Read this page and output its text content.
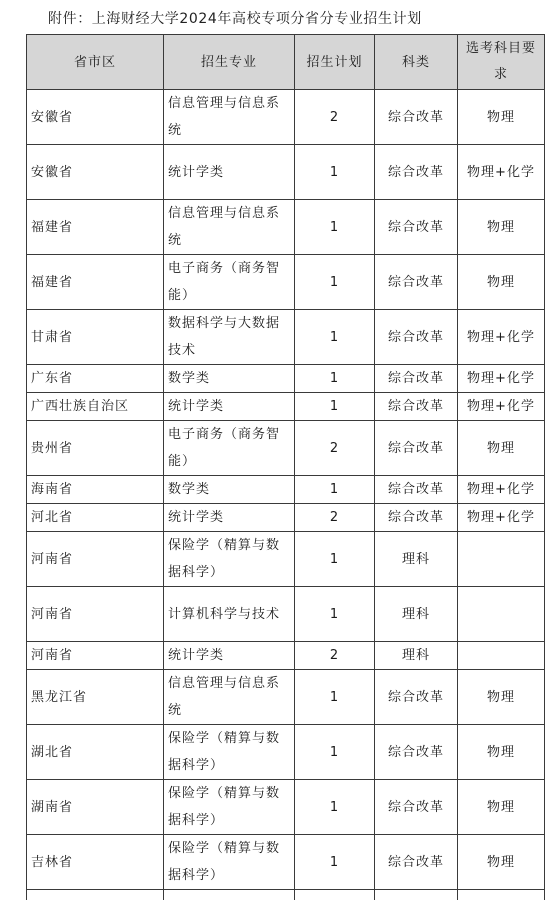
附件：上海财经大学2024年高校专项分省分专业招生计划
省市区	招生专业	招生计划	科类	选考科目要求
安徽省	信息管理与信息系统	2	综合改革	物理
安徽省	统计学类	1	综合改革	物理+化学
福建省	信息管理与信息系统	1	综合改革	物理
福建省	电子商务（商务智能）	1	综合改革	物理
甘肃省	数据科学与大数据技术	1	综合改革	物理+化学
广东省	数学类	1	综合改革	物理+化学
广西壮族自治区	统计学类	1	综合改革	物理+化学
贵州省	电子商务（商务智能）	2	综合改革	物理
海南省	数学类	1	综合改革	物理+化学
河北省	统计学类	2	综合改革	物理+化学
河南省	保险学（精算与数据科学）	1	理科	
河南省	计算机科学与技术	1	理科	
河南省	统计学类	2	理科	
黑龙江省	信息管理与信息系统	1	综合改革	物理
湖北省	保险学（精算与数据科学）	1	综合改革	物理
湖南省	保险学（精算与数据科学）	1	综合改革	物理
吉林省	保险学（精算与数据科学）	1	综合改革	物理
